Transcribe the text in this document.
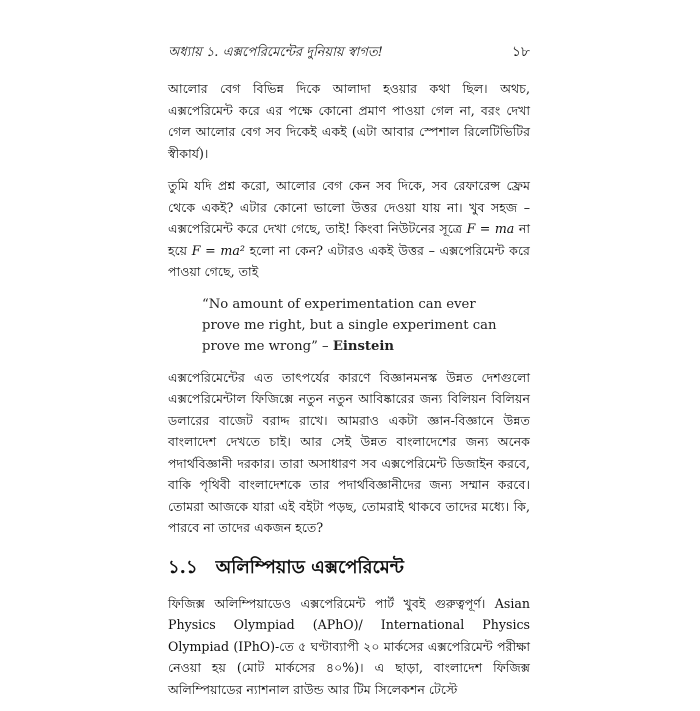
অধ্যায় ১. এক্সপেরিমেন্টের দুনিয়ায় স্বাগত!	১৮

আলোর বেগ বিভিন্ন দিকে আলাদা হওয়ার কথা ছিল। অথচ, এক্সপেরিমেন্ট করে এর পক্ষে কোনো প্রমাণ পাওয়া গেল না, বরং দেখা গেল আলোর বেগ সব দিকেই একই (এটা আবার স্পেশাল রিলেটিভিটির স্বীকার্য)।

তুমি যদি প্রশ্ন করো, আলোর বেগ কেন সব দিকে, সব রেফারেন্স ফ্রেম থেকে একই? এটার কোনো ভালো উত্তর দেওয়া যায় না। খুব সহজ – এক্সপেরিমেন্ট করে দেখা গেছে, তাই! কিংবা নিউটনের সূত্রে F = ma না হয়ে F = ma² হলো না কেন? এটারও একই উত্তর – এক্সপেরিমেন্ট করে পাওয়া গেছে, তাই

“No amount of experimentation can ever prove me right, but a single experiment can prove me wrong” – Einstein

এক্সপেরিমেন্টের এত তাৎপর্যের কারণে বিজ্ঞানমনস্ক উন্নত দেশগুলো এক্সপেরিমেন্টাল ফিজিক্সে নতুন নতুন আবিষ্কারের জন্য বিলিয়ন বিলিয়ন ডলারের বাজেট বরাদ্দ রাখে। আমরাও একটা জ্ঞান-বিজ্ঞানে উন্নত বাংলাদেশ দেখতে চাই। আর সেই উন্নত বাংলাদেশের জন্য অনেক পদার্থবিজ্ঞানী দরকার। তারা অসাধারণ সব এক্সপেরিমেন্ট ডিজাইন করবে, বাকি পৃথিবী বাংলাদেশকে তার পদার্থবিজ্ঞানীদের জন্য সম্মান করবে। তোমরা আজকে যারা এই বইটা পড়ছ, তোমরাই থাকবে তাদের মধ্যে। কি, পারবে না তাদের একজন হতে?

১.১ অলিম্পিয়াড এক্সপেরিমেন্ট

ফিজিক্স অলিম্পিয়াডেও এক্সপেরিমেন্ট পার্ট খুবই গুরুত্বপূর্ণ। Asian Physics Olympiad (APhO)/ International Physics Olympiad (IPhO)-তে ৫ ঘণ্টাব্যাপী ২০ মার্কসের এক্সপেরিমেন্ট পরীক্ষা নেওয়া হয় (মোট মার্কসের ৪০%)। এ ছাড়া, বাংলাদেশ ফিজিক্স অলিম্পিয়াডের ন্যাশনাল রাউন্ড আর টিম সিলেকশন টেস্টে
